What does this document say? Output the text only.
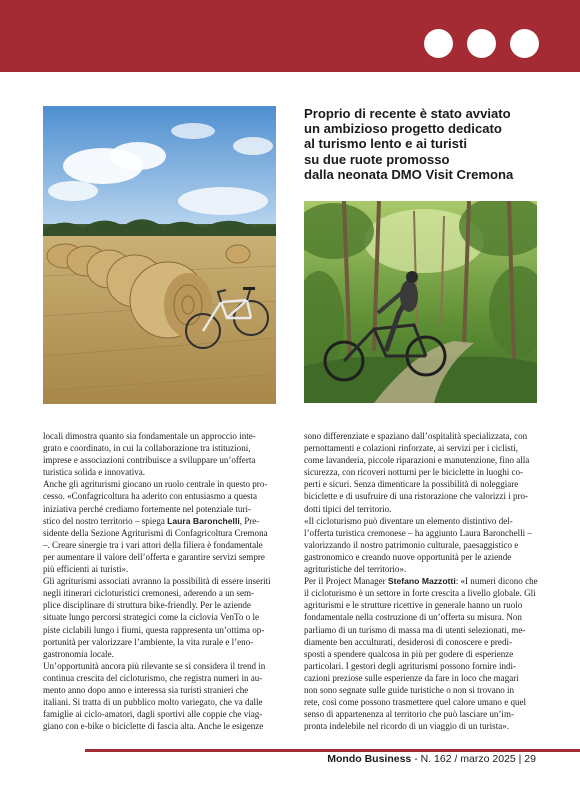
Proprio di recente è stato avviato
un ambizioso progetto dedicato
al turismo lento e ai turisti
su due ruote promosso
dalla neonata DMO Visit Cremona
locali dimostra quanto sia fondamentale un approccio inte-
grato e coordinato, in cui la collaborazione tra istituzioni,
imprese e associazioni contribuisce a sviluppare un’offerta
turistica solida e innovativa.
Anche gli agriturismi giocano un ruolo centrale in questo pro-
cesso. «Confagricoltura ha aderito con entusiasmo a questa
iniziativa perché crediamo fortemente nel potenziale turi-
stico del nostro territorio – spiega Laura Baronchelli, Pre-
sidente della Sezione Agriturismi di Confagricoltura Cremona
–. Creare sinergie tra i vari attori della filiera è fondamentale
per aumentare il valore dell’offerta e garantire servizi sempre
più efficienti ai turisti».
Gli agriturismi associati avranno la possibilità di essere inseriti
negli itinerari cicloturistici cremonesi, aderendo a un sem-
plice disciplinare di struttura bike-friendly. Per le aziende
situate lungo percorsi strategici come la ciclovia VenTo o le
piste ciclabili lungo i fiumi, questa rappresenta un’ottima op-
portunità per valorizzare l’ambiente, la vita rurale e l’eno-
gastronomia locale.
Un’opportunità ancora più rilevante se si considera il trend in
continua crescita del cicloturismo, che registra numeri in au-
mento anno dopo anno e interessa sia turisti stranieri che
italiani. Si tratta di un pubblico molto variegato, che va dalle
famiglie ai ciclo-amatori, dagli sportivi alle coppie che viag-
giano con e-bike o biciclette di fascia alta. Anche le esigenze
sono differenziate e spaziano dall’ospitalità specializzata, con
pernottamenti e colazioni rinforzate, ai servizi per i ciclisti,
come lavanderia, piccole riparazioni e manutenzione, fino alla
sicurezza, con ricoveri notturni per le biciclette in luoghi co-
perti e sicuri. Senza dimenticare la possibilità di noleggiare
biciclette e di usufruire di una ristorazione che valorizzi i pro-
dotti tipici del territorio.
«Il cicloturismo può diventare un elemento distintivo del-
l’offerta turistica cremonese – ha aggiunto Laura Baronchelli –
valorizzando il nostro patrimonio culturale, paesaggistico e
gastronomico e creando nuove opportunità per le aziende
agrituristiche del territorio».
Per il Project Manager Stefano Mazzotti: «I numeri dicono che
il cicloturismo è un settore in forte crescita a livello globale. Gli
agriturismi e le strutture ricettive in generale hanno un ruolo
fondamentale nella costruzione di un’offerta su misura. Non
parliamo di un turismo di massa ma di utenti selezionati, me-
diamente ben acculturati, desiderosi di conoscere e predi-
sposti a spendere qualcosa in più per godere di esperienze
particolari. I gestori degli agriturismi possono fornire indi-
cazioni preziose sulle esperienze da fare in loco che magari
non sono segnate sulle guide turistiche o non si trovano in
rete, così come possono trasmettere quel calore umano e quel
senso di appartenenza al territorio che può lasciare un’im-
pronta indelebile nel ricordo di un viaggio di un turista».
Mondo Business - N. 162 / marzo 2025 | 29
